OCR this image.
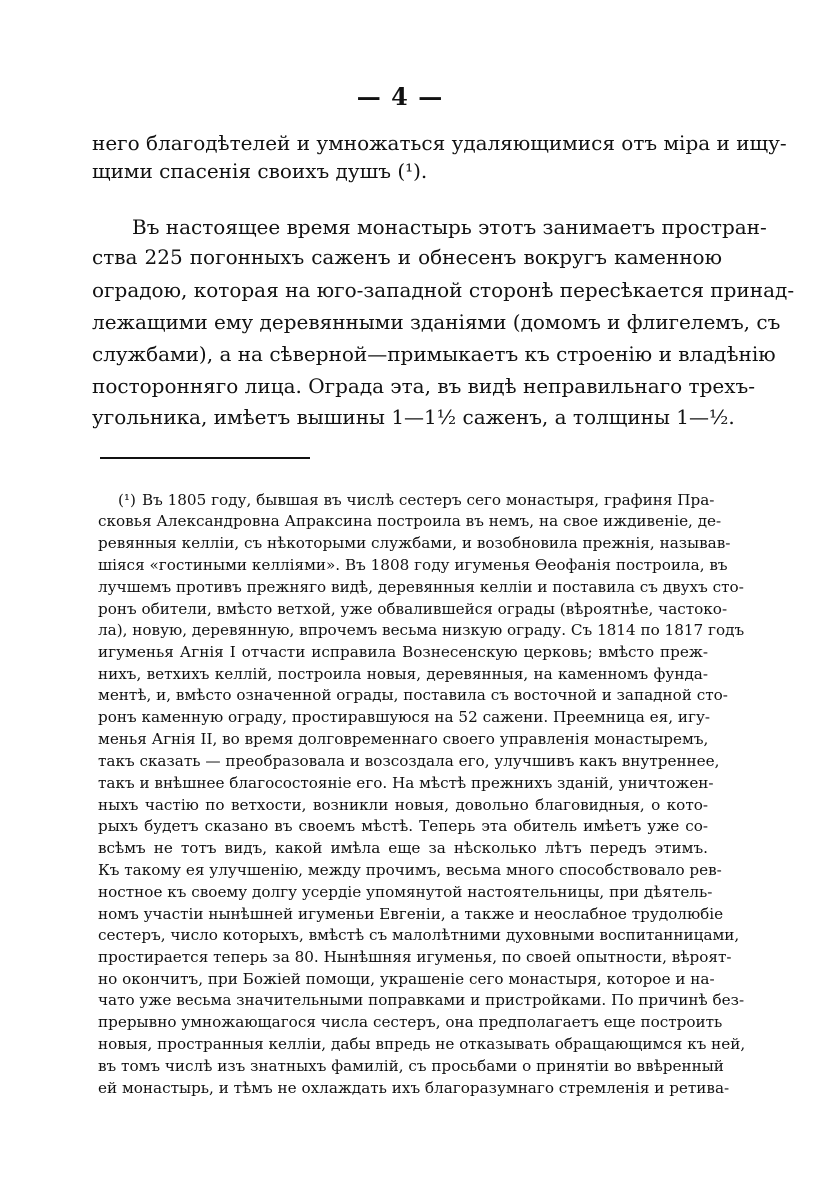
— 4 —
него благодѣтелей и умножаться удаляющимися отъ міра и ищу-
щими спасенія своихъ душъ (¹).
Въ настоящее время монастырь этотъ занимаетъ простран-
ства 225 погонныхъ саженъ и обнесенъ вокругъ каменною
оградою, которая на юго-западной сторонѣ пересѣкается принад-
лежащими ему деревянными зданіями (домомъ и флигелемъ, съ
службами), а на сѣверной—примыкаетъ къ строенію и владѣнію
посторонняго лица. Ограда эта, въ видѣ неправильнаго трехъ-
угольника, имѣетъ вышины 1—1½ саженъ, а толщины 1—½.
(¹) Въ 1805 году, бывшая въ числѣ сестеръ сего монастыря, графиня Пра-
сковья Александровна Апраксина построила въ немъ, на свое иждивеніе, де-
ревянныя келліи, съ нѣкоторыми службами, и возобновила прежнія, называв-
шіяся «гостиными келліями». Въ 1808 году игуменья Ѳеофанія построила, въ
лучшемъ противъ прежняго видѣ, деревянныя келліи и поставила съ двухъ сто-
ронъ обители, вмѣсто ветхой, уже обвалившейся ограды (вѣроятнѣе, частоко-
ла), новую, деревянную, впрочемъ весьма низкую ограду. Съ 1814 по 1817 годъ
игуменья Агнія I отчасти исправила Вознесенскую церковь; вмѣсто преж-
нихъ, ветхихъ келлій, построила новыя, деревянныя, на каменномъ фунда-
ментѣ, и, вмѣсто означенной ограды, поставила съ восточной и западной сто-
ронъ каменную ограду, простиравшуюся на 52 сажени. Преемница ея, игу-
менья Агнія II, во время долговременнаго своего управленія монастыремъ,
такъ сказать — преобразовала и возсоздала его, улучшивъ какъ внутреннее,
такъ и внѣшнее благосостояніе его. На мѣстѣ прежнихъ зданій, уничтожен-
ныхъ частію по ветхости, возникли новыя, довольно благовидныя, о кото-
рыхъ будетъ сказано въ своемъ мѣстѣ. Теперь эта обитель имѣетъ уже со-
всѣмъ не тотъ видъ, какой имѣла еще за нѣсколько лѣтъ передъ этимъ.
Къ такому ея улучшенію, между прочимъ, весьма много способствовало рев-
ностное къ своему долгу усердіе упомянутой настоятельницы, при дѣятель-
номъ участіи нынѣшней игуменьи Евгеніи, а также и неослабное трудолюбіе
сестеръ, число которыхъ, вмѣстѣ съ малолѣтними духовными воспитанницами,
простирается теперь за 80. Нынѣшняя игуменья, по своей опытности, вѣроят-
но окончитъ, при Божіей помощи, украшеніе сего монастыря, которое и на-
чато уже весьма значительными поправками и пристройками. По причинѣ без-
прерывно умножающагося числа сестеръ, она предполагаетъ еще построить
новыя, пространныя келліи, дабы впредь не отказывать обращающимся къ ней,
въ томъ числѣ изъ знатныхъ фамилій, съ просьбами о принятіи во ввѣренный
ей монастырь, и тѣмъ не охлаждать ихъ благоразумнаго стремленія и ретивa-
